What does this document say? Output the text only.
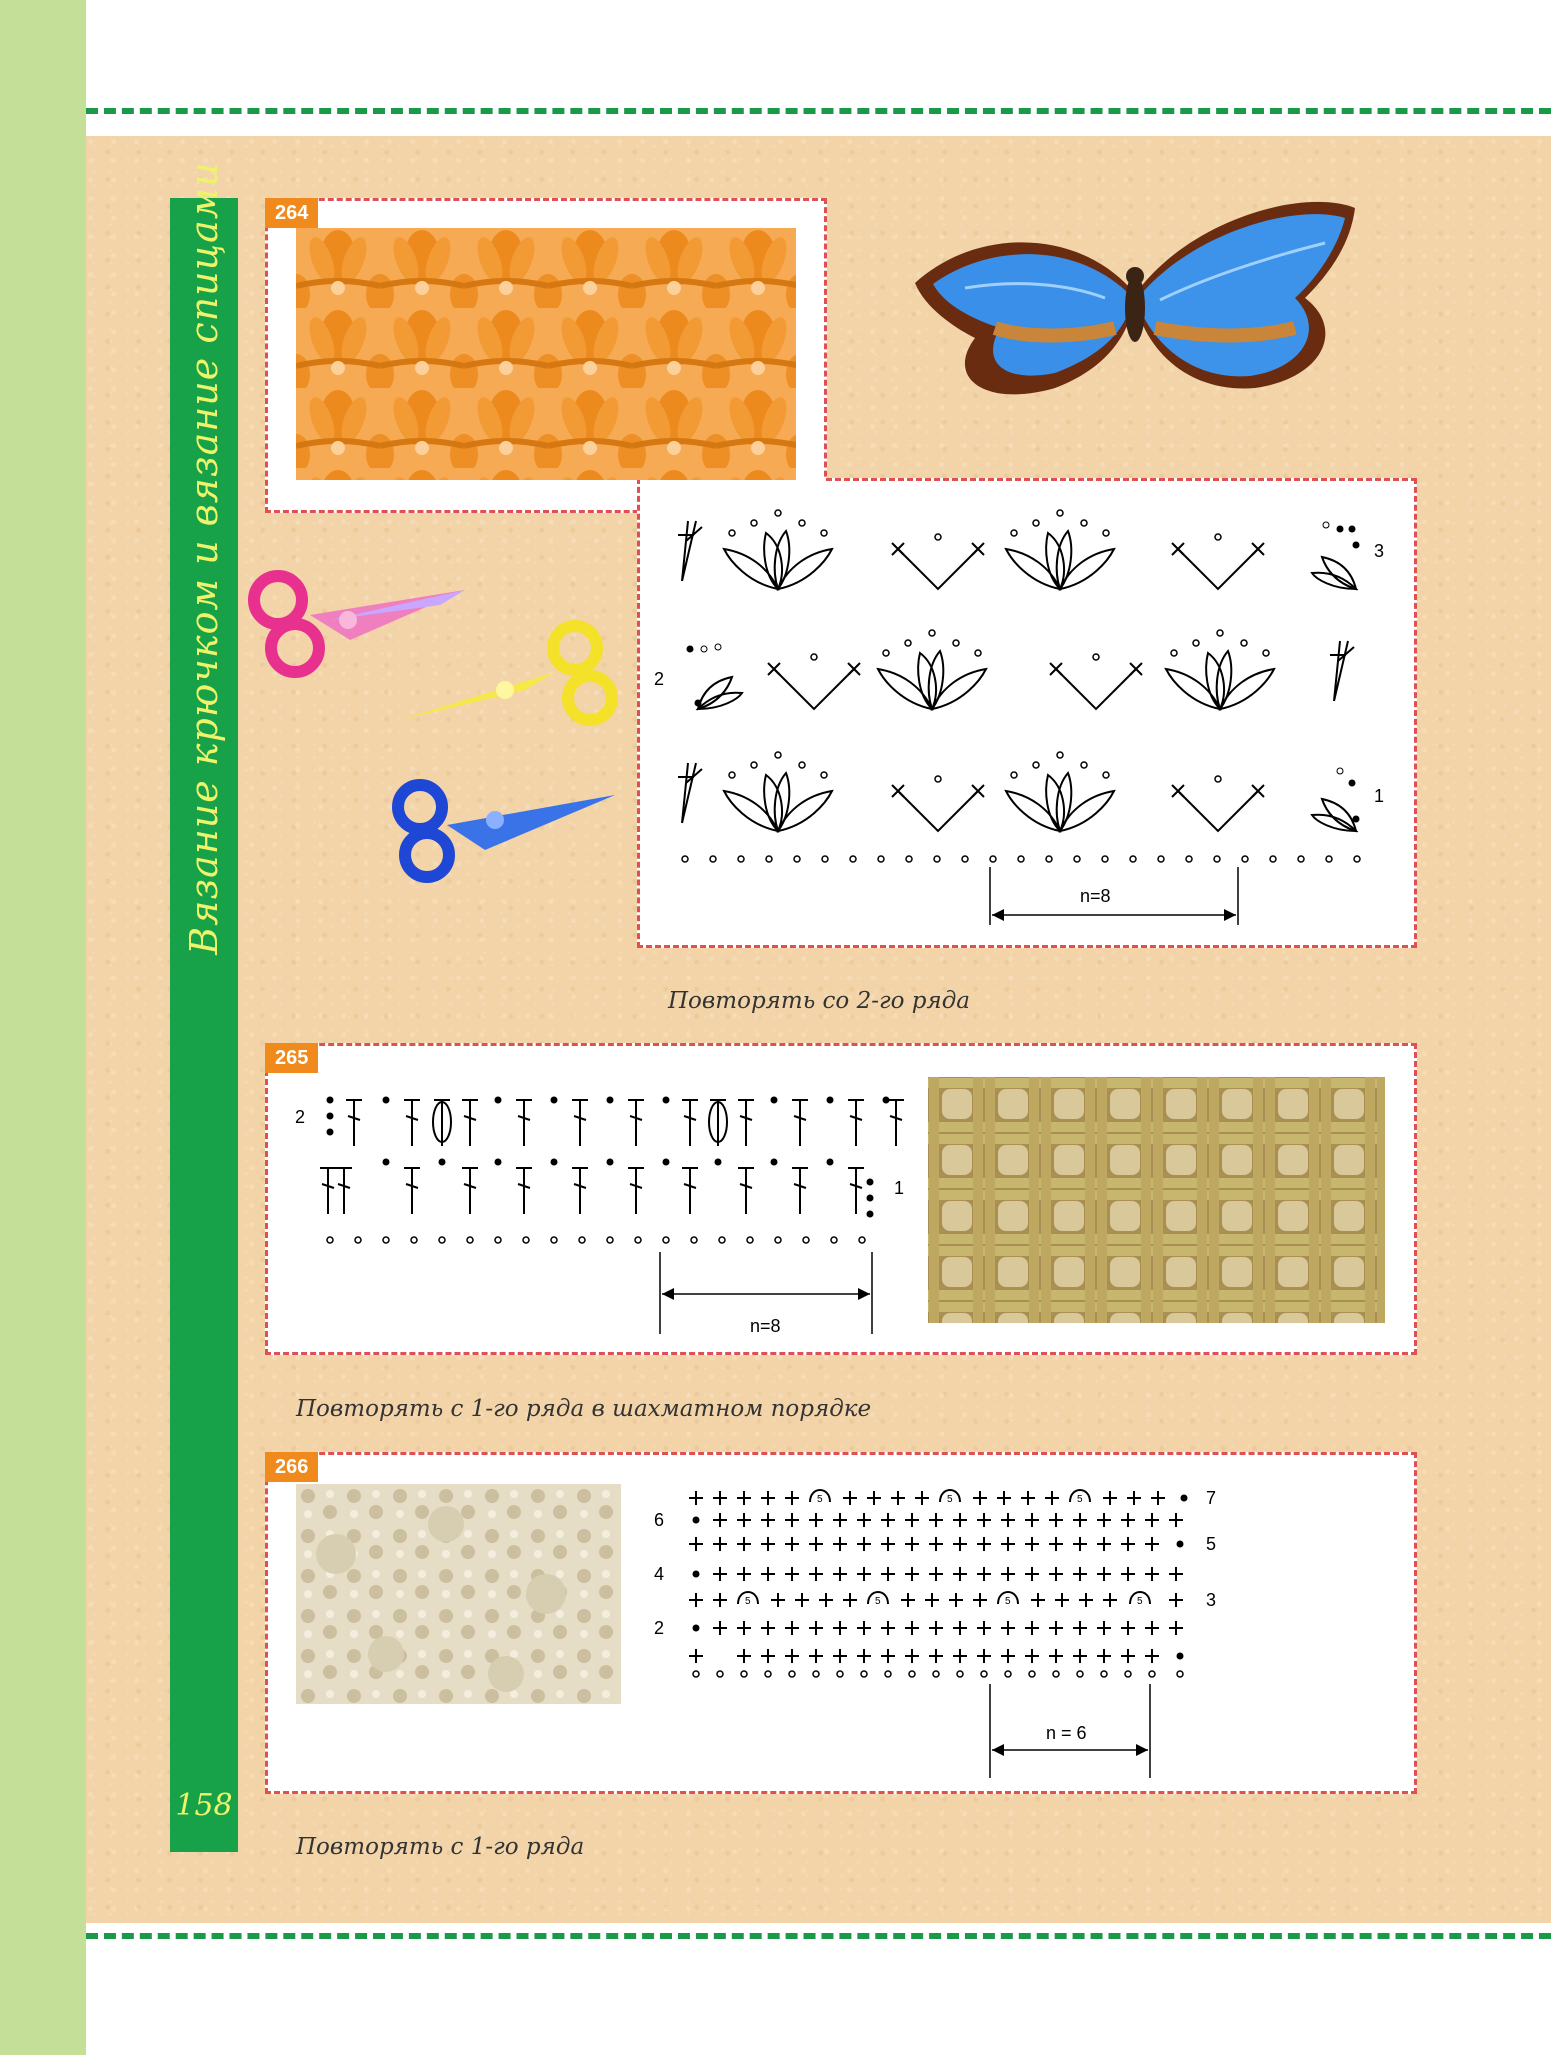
Вязание крючком и вязание спицами
158
264
3
2
1
n=8
Повторять со 2-го ряда
265
2
1
n=8
Повторять с 1-го ряда в шахматном порядке
266
5
7
6
5
4
3
2
n = 6
Повторять с 1-го ряда
